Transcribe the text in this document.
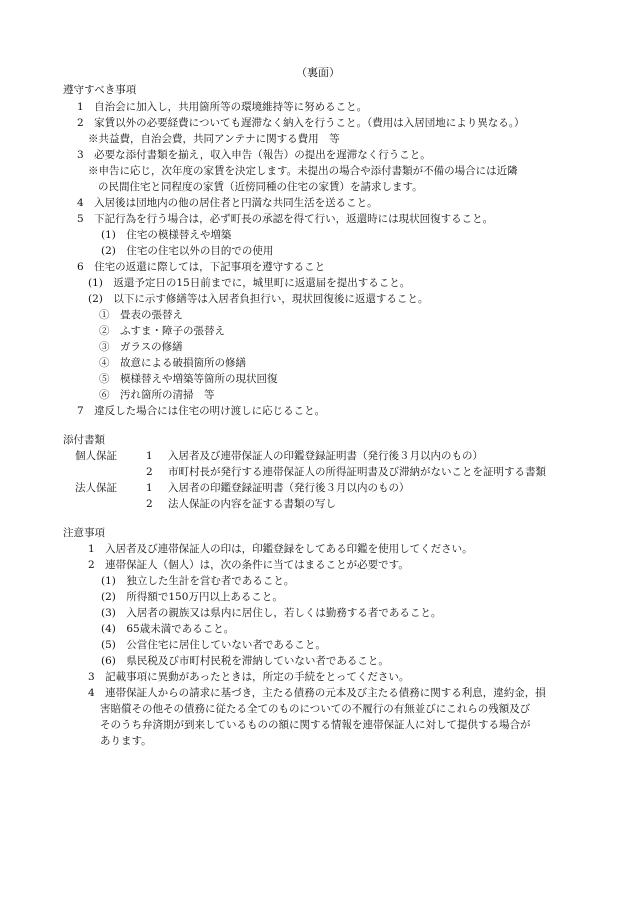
（裏面）
遵守すべき事項
1　自治会に加入し，共用箇所等の環境維持等に努めること。
2　家賃以外の必要経費についても遅滞なく納入を行うこと。（費用は入居団地により異なる。）
※共益費，自治会費，共同アンテナに関する費用　等
3　必要な添付書類を揃え，収入申告（報告）の提出を遅滞なく行うこと。
※申告に応じ，次年度の家賃を決定します。未提出の場合や添付書類が不備の場合には近隣
の民間住宅と同程度の家賃（近傍同種の住宅の家賃）を請求します。
4　入居後は団地内の他の居住者と円満な共同生活を送ること。
5　下記行為を行う場合は，必ず町長の承認を得て行い，返還時には現状回復すること。
(1)　住宅の模様替えや増築
(2)　住宅の住宅以外の目的での使用
6　住宅の返還に際しては，下記事項を遵守すること
(1)　返還予定日の15日前までに，城里町に返還届を提出すること。
(2)　以下に示す修繕等は入居者負担行い，現状回復後に返還すること。
①　畳表の張替え
②　ふすま・障子の張替え
③　ガラスの修繕
④　故意による破損箇所の修繕
⑤　模様替えや増築等箇所の現状回復
⑥　汚れ箇所の清掃　等
7　違反した場合には住宅の明け渡しに応じること。
添付書類
個人保証	1 入居者及び連帯保証人の印鑑登録証明書（発行後３月以内のもの）
2 市町村長が発行する連帯保証人の所得証明書及び滞納がないことを証明する書類
法人保証	1 入居者の印鑑登録証明書（発行後３月以内のもの）
2 法人保証の内容を証する書類の写し
注意事項
1　入居者及び連帯保証人の印は，印鑑登録をしてある印鑑を使用してください。
2　連帯保証人（個人）は，次の条件に当てはまることが必要です。
(1)　独立した生計を営む者であること。
(2)　所得額で150万円以上あること。
(3)　入居者の親族又は県内に居住し，若しくは勤務する者であること。
(4)　65歳未満であること。
(5)　公営住宅に居住していない者であること。
(6)　県民税及び市町村民税を滞納していない者であること。
3　記載事項に異動があったときは，所定の手続をとってください。
4　連帯保証人からの請求に基づき，主たる債務の元本及び主たる債務に関する利息，違約金，損
害賠償その他その債務に従たる全てのものについての不履行の有無並びにこれらの残額及び
そのうち弁済期が到来しているものの額に関する情報を連帯保証人に対して提供する場合が
あります。
